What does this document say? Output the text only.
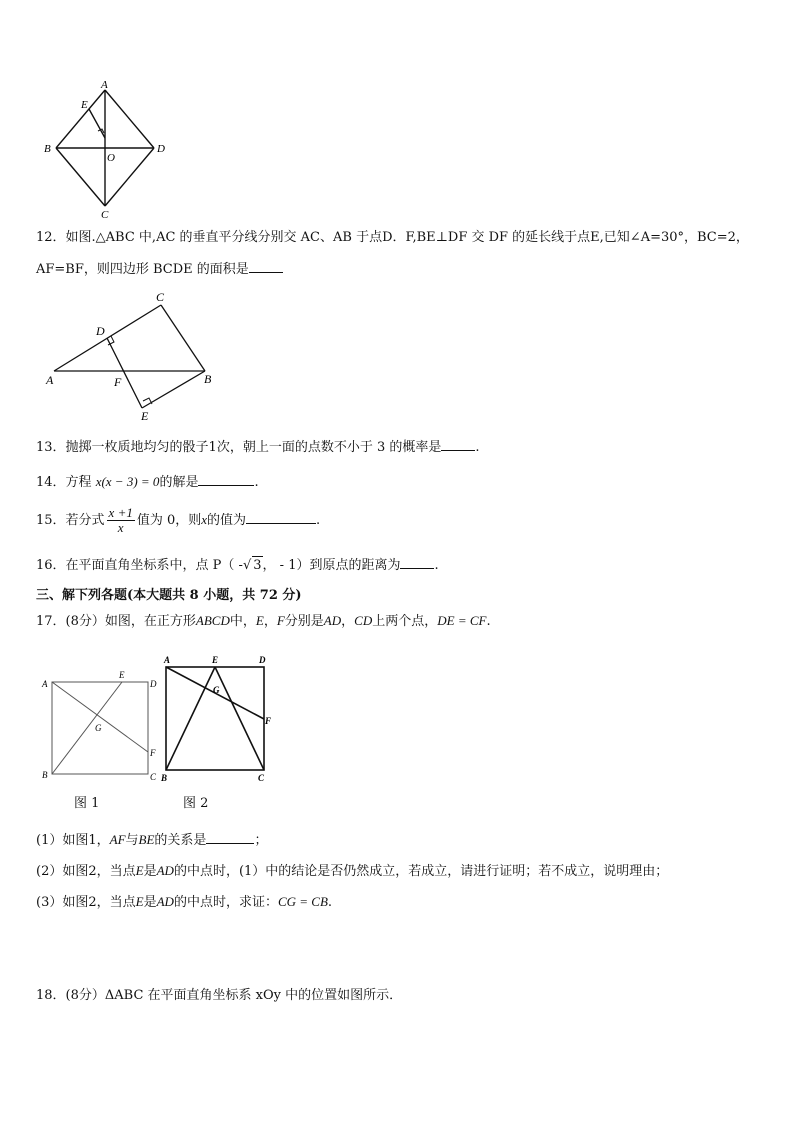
A
E
B
O
D
C
12．如图.△ABC 中,AC 的垂直平分线分别交 AC、AB 于点D．F,BE⊥DF 交 DF 的延长线于点E,已知∠A=30°，BC=2，
AF=BF，则四边形 BCDE 的面积是
C
D
A	F	B
E
13．抛掷一枚质地均匀的骰子1次，朝上一面的点数不小于 3 的概率是	.
14．方程 x(x − 3) = 0的解是	.
15．若分式 $\frac{x +1}{x}$ 值为 0，则x的值为	.
16．在平面直角坐标系中，点 P（ -√ 3， - 1）到原点的距离为	.
三、解下列各题(本大题共 8 小题，共 72 分)
17．(8分）如图，在正方形ABCD中，E，F分别是AD，CD上两个点，DE = CF.
A
E
D
G
F
B	C
A	E	D
G
F
B	C
图 1	图 2
(1）如图1，AF与BE的关系是	；
(2）如图2，当点E是AD的中点时，(1）中的结论是否仍然成立，若成立，请进行证明；若不成立，说明理由；
(3）如图2，当点E是AD的中点时，求证：CG = CB.
18．(8分）ΔABC 在平面直角坐标系 xOy 中的位置如图所示．
